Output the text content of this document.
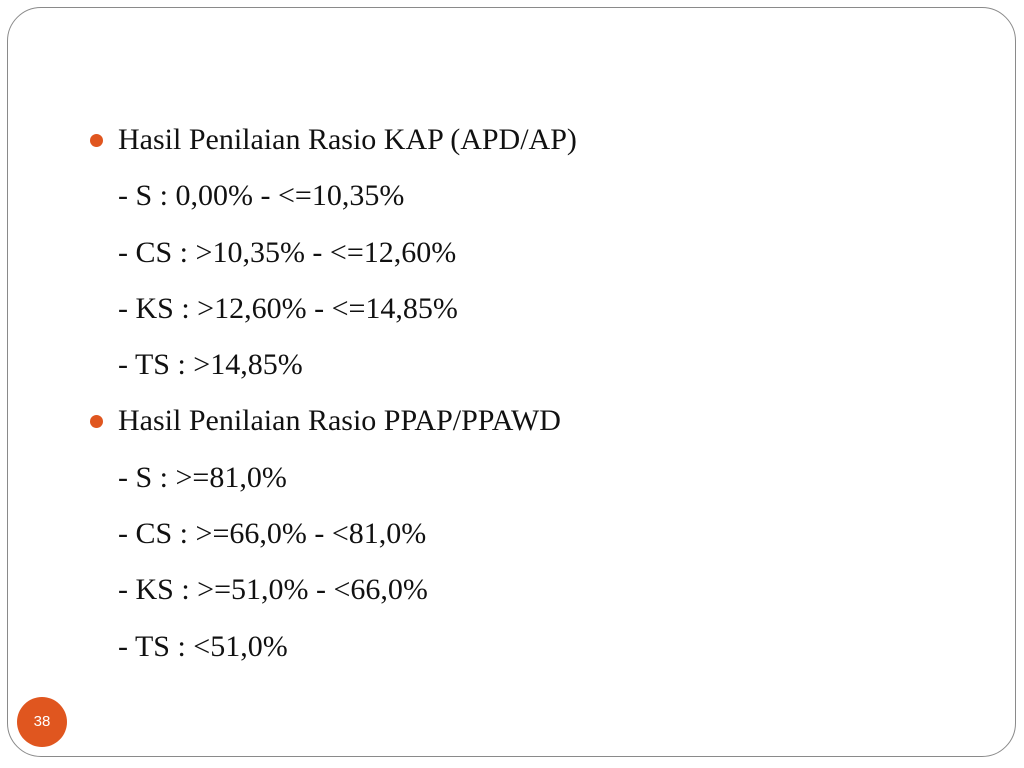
Hasil Penilaian Rasio KAP (APD/AP)
- S : 0,00% - <=10,35%
- CS : >10,35% - <=12,60%
- KS : >12,60% - <=14,85%
- TS : >14,85%
Hasil Penilaian Rasio PPAP/PPAWD
- S : >=81,0%
- CS : >=66,0% - <81,0%
- KS : >=51,0% - <66,0%
- TS : <51,0%
38
